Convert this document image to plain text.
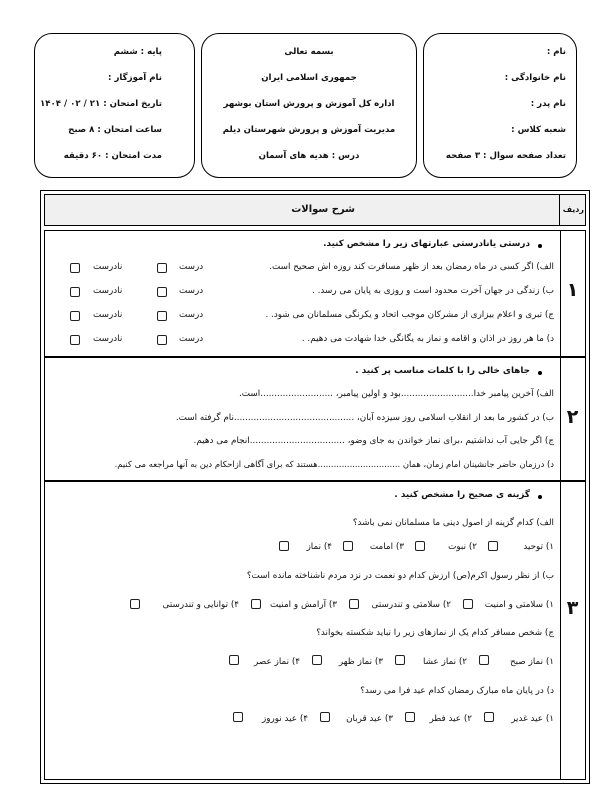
نام :
نام خانوادگی :
نام پدر :
شعبه کلاس :
تعداد صفحه سوال : ۳ صفحه
بسمه تعالی
جمهوری اسلامی ایران
اداره کل آموزش و پرورش استان بوشهر
مدیریت آموزش و پرورش شهرستان دیلم
درس : هدیه های آسمان
پایه : ششم
نام آموزگار :
تاریخ امتحان : ۲۱ / ۰۲ / ۱۴۰۴
ساعت امتحان : ۸ صبح
مدت امتحان : ۶۰ دقیقه
ردیف
شرح سوالات
۱
درستی یانادرستی عبارتهای زیر را مشخص کنید.
الف) اگر کسی در ماه رمضان بعد از ظهر مسافرت کند روزه اش صحیح است.
ب) زندگی در جهان آخرت محدود است و روزی به پایان می رسد. .
ج) تبری و اعلام بیزاری از مشرکان موجب اتحاد و یکرنگی مسلمانان می شود. .
د) ما هر روز در اذان و اقامه و نماز به یگانگی خدا شهادت می دهیم. .
درست
نادرست
درست
نادرست
درست
نادرست
درست
نادرست
۲
جاهای خالی را با کلمات مناسب پر کنید .
الف) آخرین پیامبر خدا..........................بود و اولین پیامبر، ..........................است.
ب) در کشور ما بعد از انقلاب اسلامی روز سیزده آبان، ...........................................نام گرفته است.
ج) اگر جایی آب نداشتیم ،برای نماز خواندن به جای وضو، ..................................انجام می دهیم.
د) درزمان حاضر جانشینان امام زمان، همان ...............................هستند که برای آگاهی ازاحکام دین به آنها مراجعه می کنیم.
۳
گزینه ی صحیح را مشخص کنید .
الف) کدام گزینه از اصول دینی ما مسلمانان نمی باشد؟
۱) توحید
۲) نبوت
۳) امامت
۴) نماز
ب) از نظر رسول اکرم(ص) ارزش کدام دو نعمت در نزد مردم ناشناخته مانده است؟
۱) سلامتی و امنیت
۲) سلامتی و تندرستی
۳) آرامش و امنیت
۴) توانایی و تندرستی
ج) شخص مسافر کدام یک از نمازهای زیر را نباید شکسته بخواند؟
۱) نماز صبح
۲) نماز عشا
۳) نماز ظهر
۴) نماز عصر
د) در پایان ماه مبارک رمضان کدام عید فرا می رسد؟
۱) عید غدیر
۲) عید فطر
۳) عید قربان
۴) عید نوروز
